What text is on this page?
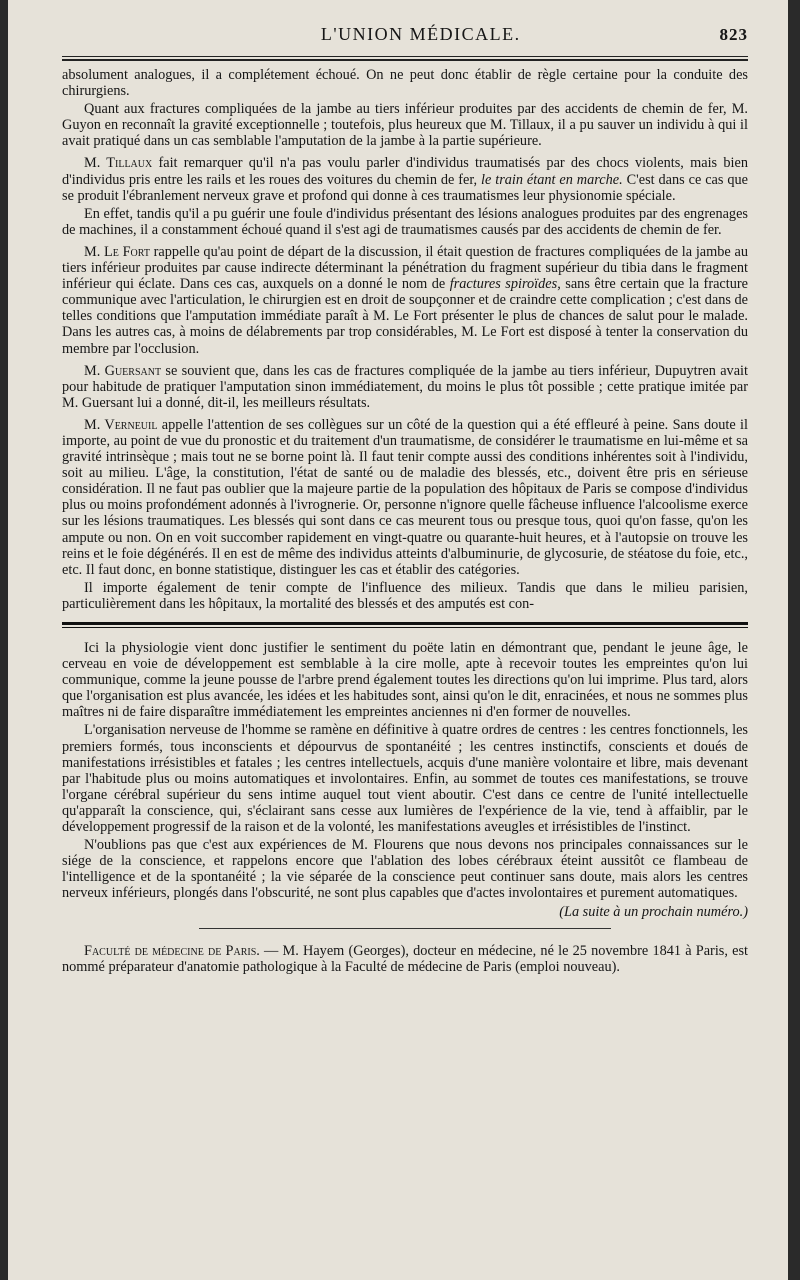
L'UNION MÉDICALE.	823

absolument analogues, il a complétement échoué. On ne peut donc établir de règle certaine pour la conduite des chirurgiens.

Quant aux fractures compliquées de la jambe au tiers inférieur produites par des accidents de chemin de fer, M. Guyon en reconnaît la gravité exceptionnelle ; toutefois, plus heureux que M. Tillaux, il a pu sauver un individu à qui il avait pratiqué dans un cas semblable l'amputation de la jambe à la partie supérieure.

M. Tillaux fait remarquer qu'il n'a pas voulu parler d'individus traumatisés par des chocs violents, mais bien d'individus pris entre les rails et les roues des voitures du chemin de fer, le train étant en marche. C'est dans ce cas que se produit l'ébranlement nerveux grave et profond qui donne à ces traumatismes leur physionomie spéciale.

En effet, tandis qu'il a pu guérir une foule d'individus présentant des lésions analogues produites par des engrenages de machines, il a constamment échoué quand il s'est agi de traumatismes causés par des accidents de chemin de fer.

M. Le Fort rappelle qu'au point de départ de la discussion, il était question de fractures compliquées de la jambe au tiers inférieur produites par cause indirecte déterminant la pénétration du fragment supérieur du tibia dans le fragment inférieur qui éclate. Dans ces cas, auxquels on a donné le nom de fractures spiroïdes, sans être certain que la fracture communique avec l'articulation, le chirurgien est en droit de soupçonner et de craindre cette complication ; c'est dans de telles conditions que l'amputation immédiate paraît à M. Le Fort présenter le plus de chances de salut pour le malade. Dans les autres cas, à moins de délabrements par trop considérables, M. Le Fort est disposé à tenter la conservation du membre par l'occlusion.

M. Guersant se souvient que, dans les cas de fractures compliquée de la jambe au tiers inférieur, Dupuytren avait pour habitude de pratiquer l'amputation sinon immédiatement, du moins le plus tôt possible ; cette pratique imitée par M. Guersant lui a donné, dit-il, les meilleurs résultats.

M. Verneuil appelle l'attention de ses collègues sur un côté de la question qui a été effleuré à peine. Sans doute il importe, au point de vue du pronostic et du traitement d'un traumatisme, de considérer le traumatisme en lui-même et sa gravité intrinsèque ; mais tout ne se borne point là. Il faut tenir compte aussi des conditions inhérentes soit à l'individu, soit au milieu. L'âge, la constitution, l'état de santé ou de maladie des blessés, etc., doivent être pris en sérieuse considération. Il ne faut pas oublier que la majeure partie de la population des hôpitaux de Paris se compose d'individus plus ou moins profondément adonnés à l'ivrognerie. Or, personne n'ignore quelle fâcheuse influence l'alcoolisme exerce sur les lésions traumatiques. Les blessés qui sont dans ce cas meurent tous ou presque tous, quoi qu'on fasse, qu'on les ampute ou non. On en voit succomber rapidement en vingt-quatre ou quarante-huit heures, et à l'autopsie on trouve les reins et le foie dégénérés. Il en est de même des individus atteints d'albuminurie, de glycosurie, de stéatose du foie, etc., etc. Il faut donc, en bonne statistique, distinguer les cas et établir des catégories.

Il importe également de tenir compte de l'influence des milieux. Tandis que dans le milieu parisien, particulièrement dans les hôpitaux, la mortalité des blessés et des amputés est con-

Ici la physiologie vient donc justifier le sentiment du poëte latin en démontrant que, pendant le jeune âge, le cerveau en voie de développement est semblable à la cire molle, apte à recevoir toutes les empreintes qu'on lui communique, comme la jeune pousse de l'arbre prend également toutes les directions qu'on lui imprime. Plus tard, alors que l'organisation est plus avancée, les idées et les habitudes sont, ainsi qu'on le dit, enracinées, et nous ne sommes plus maîtres ni de faire disparaître immédiatement les empreintes anciennes ni d'en former de nouvelles.

L'organisation nerveuse de l'homme se ramène en définitive à quatre ordres de centres : les centres fonctionnels, les premiers formés, tous inconscients et dépourvus de spontanéité ; les centres instinctifs, conscients et doués de manifestations irrésistibles et fatales ; les centres intellectuels, acquis d'une manière volontaire et libre, mais devenant par l'habitude plus ou moins automatiques et involontaires. Enfin, au sommet de toutes ces manifestations, se trouve l'organe cérébral supérieur du sens intime auquel tout vient aboutir. C'est dans ce centre de l'unité intellectuelle qu'apparaît la conscience, qui, s'éclairant sans cesse aux lumières de l'expérience de la vie, tend à affaiblir, par le développement progressif de la raison et de la volonté, les manifestations aveugles et irrésistibles de l'instinct.

N'oublions pas que c'est aux expériences de M. Flourens que nous devons nos principales connaissances sur le siége de la conscience, et rappelons encore que l'ablation des lobes cérébraux éteint aussitôt ce flambeau de l'intelligence et de la spontanéité ; la vie séparée de la conscience peut continuer sans doute, mais alors les centres nerveux inférieurs, plongés dans l'obscurité, ne sont plus capables que d'actes involontaires et purement automatiques.

(La suite à un prochain numéro.)

Faculté de médecine de Paris. — M. Hayem (Georges), docteur en médecine, né le 25 novembre 1841 à Paris, est nommé préparateur d'anatomie pathologique à la Faculté de médecine de Paris (emploi nouveau).
